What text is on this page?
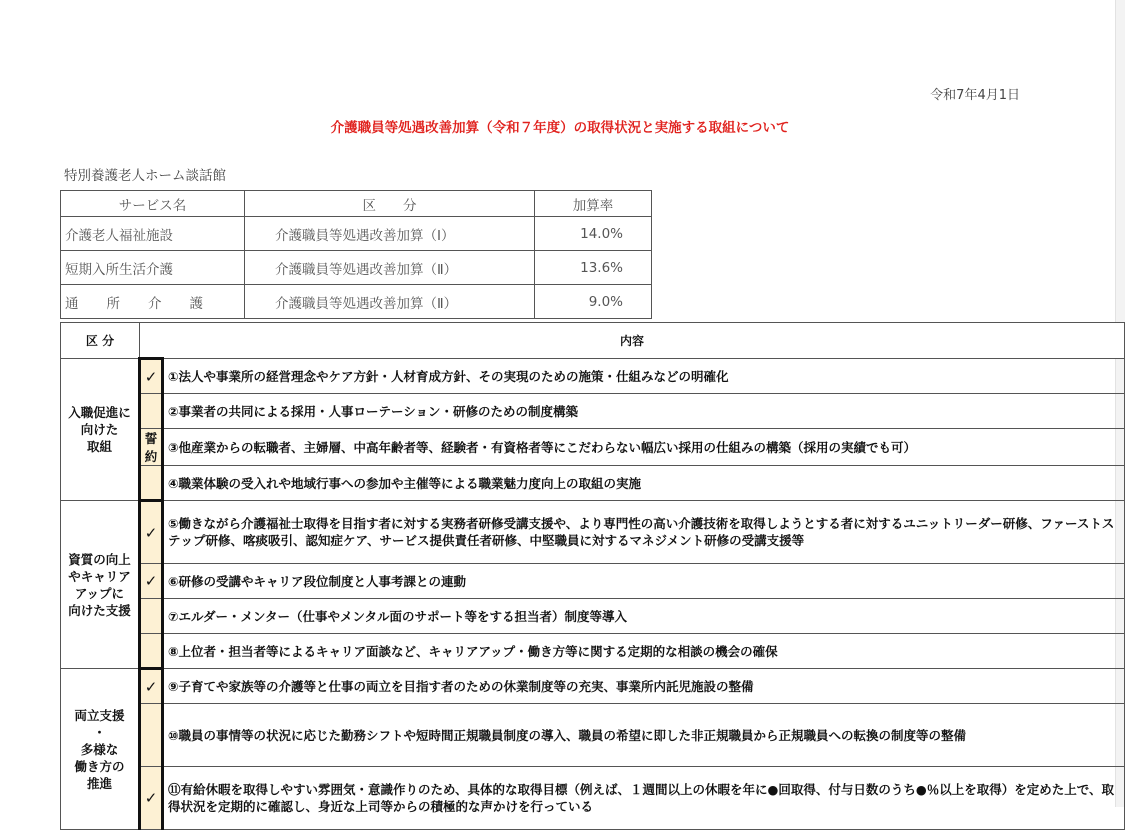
令和7年4月1日
介護職員等処遇改善加算（令和７年度）の取得状況と実施する取組について
特別養護老人ホーム談話館
サービス名	区　　分	加算率
介護老人福祉施設	介護職員等処遇改善加算（Ⅰ）	14.0%
短期入所生活介護	介護職員等処遇改善加算（Ⅱ）	13.6%
通所介護	介護職員等処遇改善加算（Ⅱ）	9.0%
区 分	内容	
入職促進に
向けた
取組	✓	①法人や事業所の経営理念やケア方針・人材育成方針、その実現のための施策・仕組みなどの明確化
		②事業者の共同による採用・人事ローテーション・研修のための制度構築
	誓約	③他産業からの転職者、主婦層、中高年齢者等、経験者・有資格者等にこだわらない幅広い採用の仕組みの構築（採用の実績でも可）
		④職業体験の受入れや地域行事への参加や主催等による職業魅力度向上の取組の実施
資質の向上
やキャリア
アップに
向けた支援	✓	⑤働きながら介護福祉士取得を目指す者に対する実務者研修受講支援や、より専門性の高い介護技術を取得しようとする者に対するユニットリーダー研修、ファーストステップ研修、喀痰吸引、認知症ケア、サービス提供責任者研修、中堅職員に対するマネジメント研修の受講支援等
	✓	⑥研修の受講やキャリア段位制度と人事考課との連動
		⑦エルダー・メンター（仕事やメンタル面のサポート等をする担当者）制度等導入
		⑧上位者・担当者等によるキャリア面談など、キャリアアップ・働き方等に関する定期的な相談の機会の確保
両立支援
・
多様な
働き方の
推進	✓	⑨子育てや家族等の介護等と仕事の両立を目指す者のための休業制度等の充実、事業所内託児施設の整備
		⑩職員の事情等の状況に応じた勤務シフトや短時間正規職員制度の導入、職員の希望に即した非正規職員から正規職員への転換の制度等の整備
	✓	⑪有給休暇を取得しやすい雰囲気・意識作りのため、具体的な取得目標（例えば、１週間以上の休暇を年に●回取得、付与日数のうち●％以上を取得）を定めた上で、取得状況を定期的に確認し、身近な上司等からの積極的な声かけを行っている
